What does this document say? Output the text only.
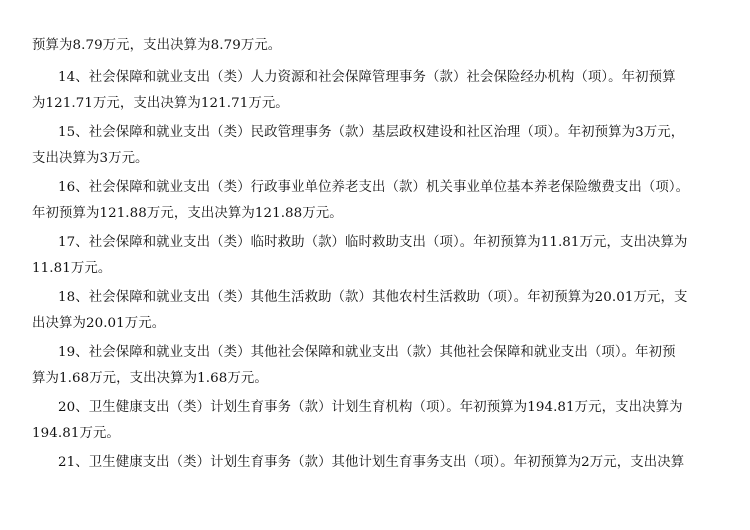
预算为8.79万元，支出决算为8.79万元。
14、社会保障和就业支出（类）人力资源和社会保障管理事务（款）社会保险经办机构（项）。年初预算
为121.71万元，支出决算为121.71万元。
15、社会保障和就业支出（类）民政管理事务（款）基层政权建设和社区治理（项）。年初预算为3万元，
支出决算为3万元。
16、社会保障和就业支出（类）行政事业单位养老支出（款）机关事业单位基本养老保险缴费支出（项）。
年初预算为121.88万元，支出决算为121.88万元。
17、社会保障和就业支出（类）临时救助（款）临时救助支出（项）。年初预算为11.81万元，支出决算为
11.81万元。
18、社会保障和就业支出（类）其他生活救助（款）其他农村生活救助（项）。年初预算为20.01万元，支
出决算为20.01万元。
19、社会保障和就业支出（类）其他社会保障和就业支出（款）其他社会保障和就业支出（项）。年初预
算为1.68万元，支出决算为1.68万元。
20、卫生健康支出（类）计划生育事务（款）计划生育机构（项）。年初预算为194.81万元，支出决算为
194.81万元。
21、卫生健康支出（类）计划生育事务（款）其他计划生育事务支出（项）。年初预算为2万元，支出决算
